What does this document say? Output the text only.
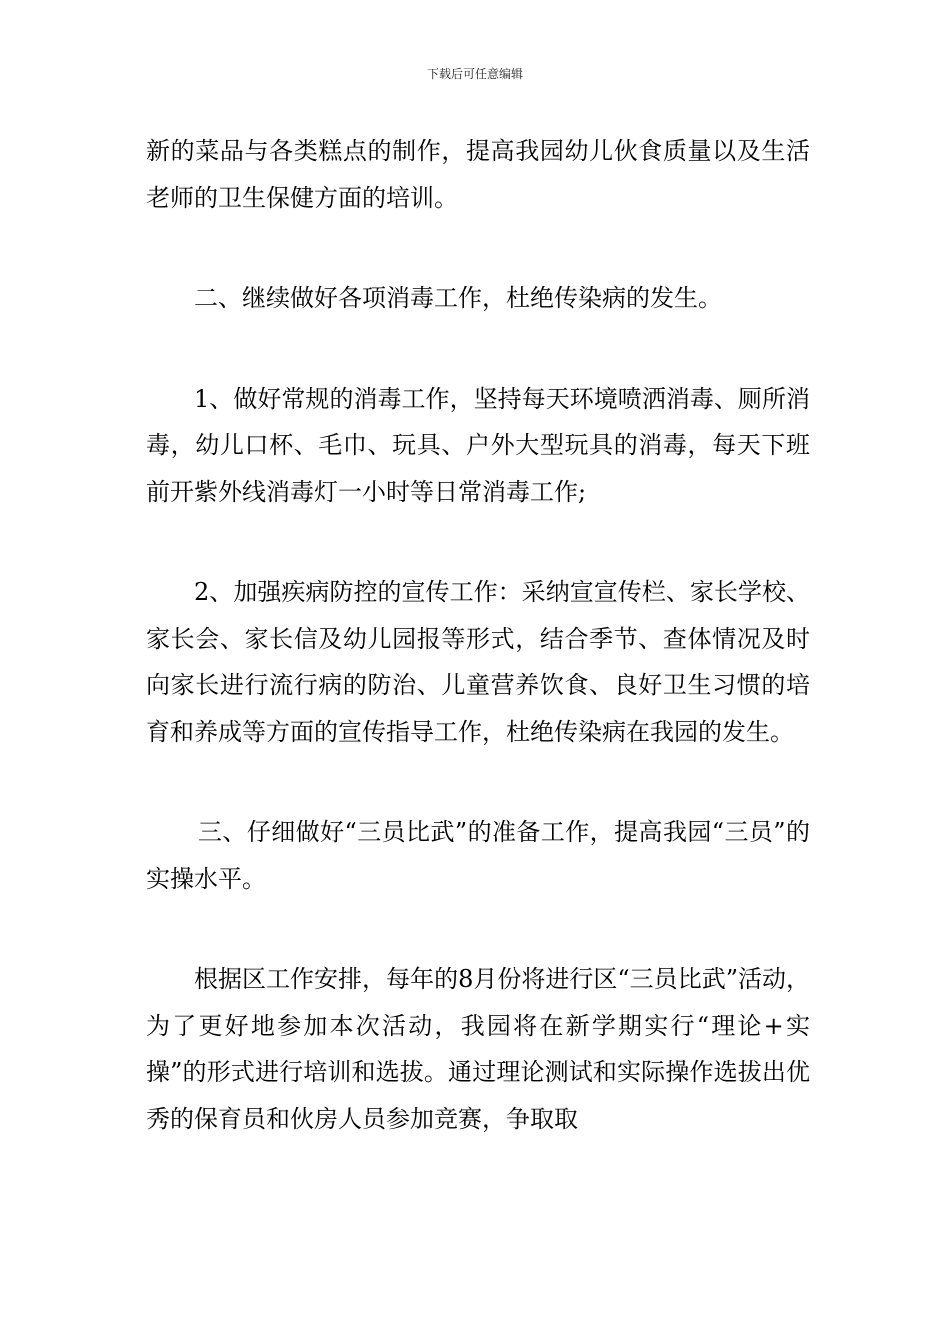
下载后可任意编辑

新的菜品与各类糕点的制作，提高我园幼儿伙食质量以及生活老师的卫生保健方面的培训。

二、继续做好各项消毒工作，杜绝传染病的发生。

1、做好常规的消毒工作，坚持每天环境喷洒消毒、厕所消毒，幼儿口杯、毛巾、玩具、户外大型玩具的消毒，每天下班前开紫外线消毒灯一小时等日常消毒工作;

2、加强疾病防控的宣传工作：采纳宣宣传栏、家长学校、家长会、家长信及幼儿园报等形式，结合季节、查体情况及时向家长进行流行病的防治、儿童营养饮食、良好卫生习惯的培育和养成等方面的宣传指导工作，杜绝传染病在我园的发生。

三、仔细做好“三员比武”的准备工作，提高我园“三员”的实操水平。

根据区工作安排，每年的8月份将进行区“三员比武”活动，为了更好地参加本次活动，我园将在新学期实行“理论+实操”的形式进行培训和选拔。通过理论测试和实际操作选拔出优秀的保育员和伙房人员参加竞赛，争取取
